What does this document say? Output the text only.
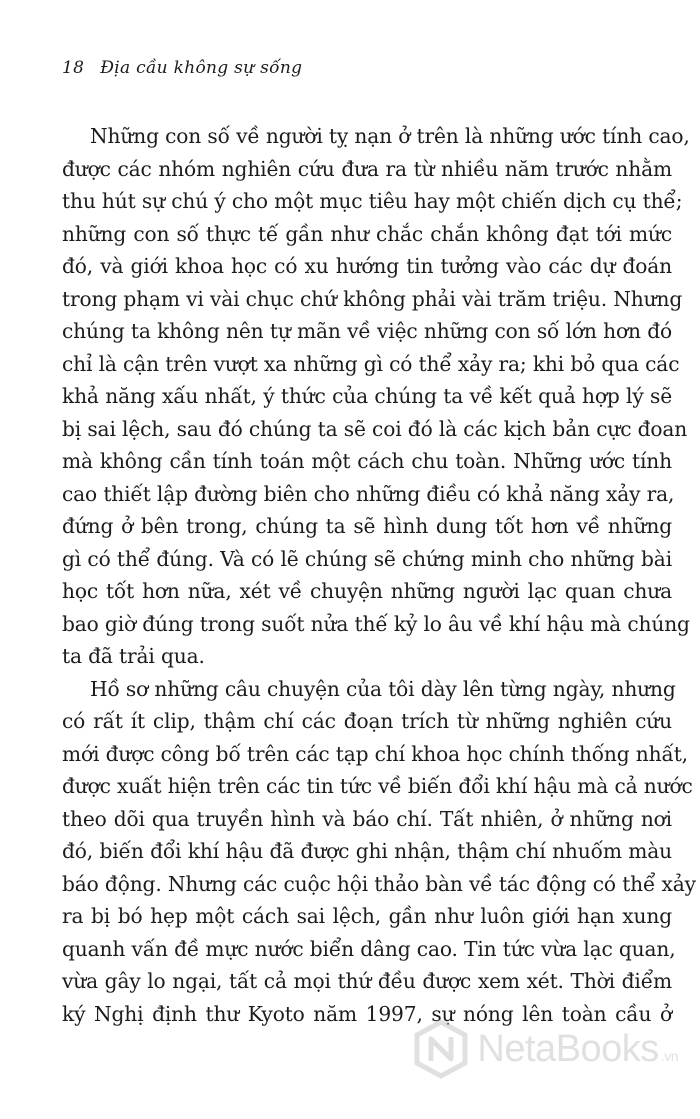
18 Địa cầu không sự sống
Những con số về người tỵ nạn ở trên là những ước tính cao,
được các nhóm nghiên cứu đưa ra từ nhiều năm trước nhằm
thu hút sự chú ý cho một mục tiêu hay một chiến dịch cụ thể;
những con số thực tế gần như chắc chắn không đạt tới mức
đó, và giới khoa học có xu hướng tin tưởng vào các dự đoán
trong phạm vi vài chục chứ không phải vài trăm triệu. Nhưng
chúng ta không nên tự mãn về việc những con số lớn hơn đó
chỉ là cận trên vượt xa những gì có thể xảy ra; khi bỏ qua các
khả năng xấu nhất, ý thức của chúng ta về kết quả hợp lý sẽ
bị sai lệch, sau đó chúng ta sẽ coi đó là các kịch bản cực đoan
mà không cần tính toán một cách chu toàn. Những ước tính
cao thiết lập đường biên cho những điều có khả năng xảy ra,
đứng ở bên trong, chúng ta sẽ hình dung tốt hơn về những
gì có thể đúng. Và có lẽ chúng sẽ chứng minh cho những bài
học tốt hơn nữa, xét về chuyện những người lạc quan chưa
bao giờ đúng trong suốt nửa thế kỷ lo âu về khí hậu mà chúng
ta đã trải qua.
Hồ sơ những câu chuyện của tôi dày lên từng ngày, nhưng
có rất ít clip, thậm chí các đoạn trích từ những nghiên cứu
mới được công bố trên các tạp chí khoa học chính thống nhất,
được xuất hiện trên các tin tức về biến đổi khí hậu mà cả nước
theo dõi qua truyền hình và báo chí. Tất nhiên, ở những nơi
đó, biến đổi khí hậu đã được ghi nhận, thậm chí nhuốm màu
báo động. Nhưng các cuộc hội thảo bàn về tác động có thể xảy
ra bị bó hẹp một cách sai lệch, gần như luôn giới hạn xung
quanh vấn đề mực nước biển dâng cao. Tin tức vừa lạc quan,
vừa gây lo ngại, tất cả mọi thứ đều được xem xét. Thời điểm
ký Nghị định thư Kyoto năm 1997, sự nóng lên toàn cầu ở
NetaBooks .vn
